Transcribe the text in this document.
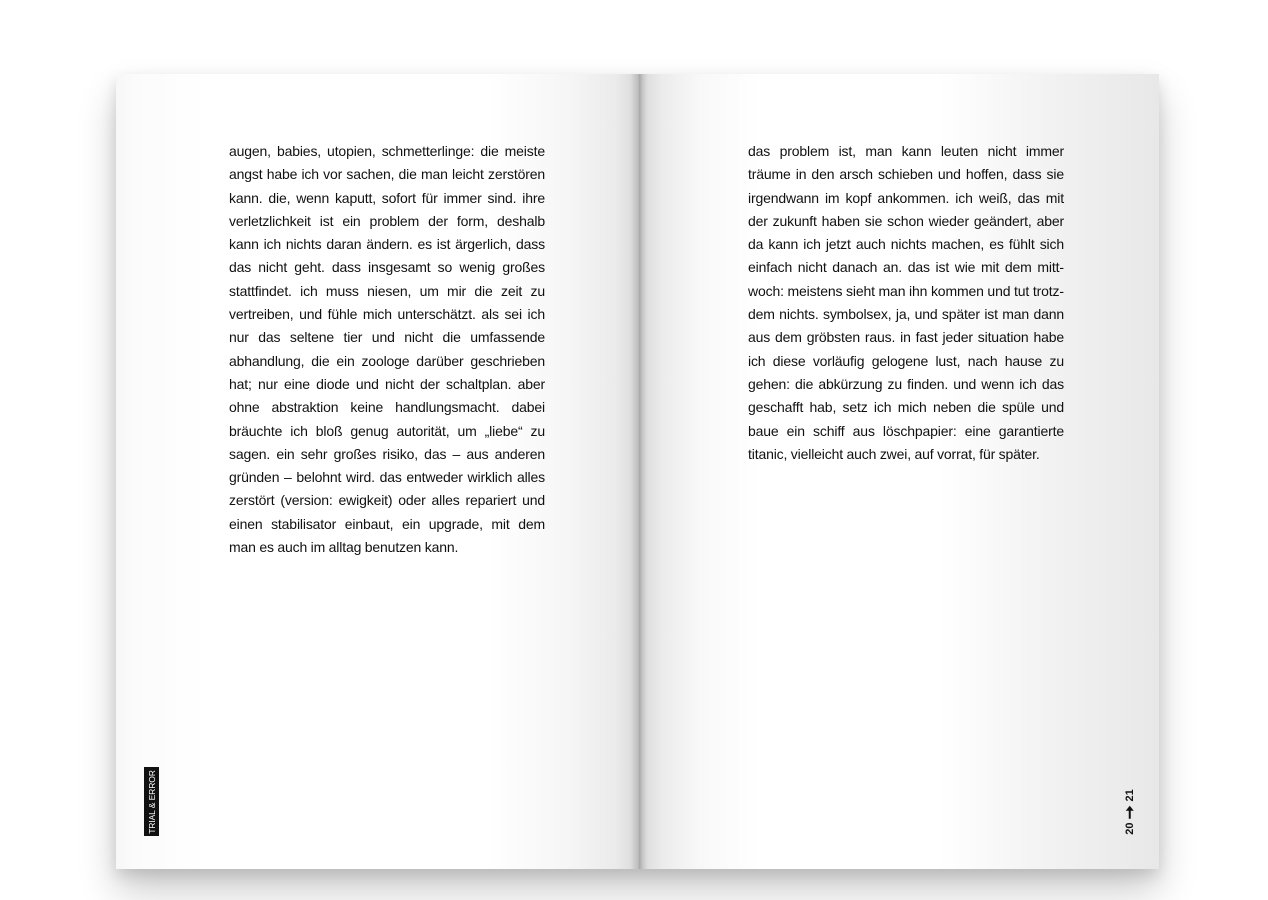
augen, babies, utopien, schmetterlinge: die meiste angst habe ich vor sachen, die man leicht zerstören kann. die, wenn kaputt, sofort für immer sind. ihre verletzlichkeit ist ein problem der form, deshalb kann ich nichts daran ändern. es ist ärgerlich, dass das nicht geht. dass insgesamt so wenig großes stattfindet. ich muss niesen, um mir die zeit zu vertreiben, und fühle mich unterschätzt. als sei ich nur das seltene tier und nicht die umfassende abhandlung, die ein zoologe darüber geschrieben hat; nur eine diode und nicht der schaltplan. aber ohne abstraktion keine handlungsmacht. dabei bräuchte ich bloß genug autorität, um „liebe“ zu sagen. ein sehr großes risiko, das – aus anderen gründen – belohnt wird. das entweder wirklich alles zerstört (version: ewigkeit) oder alles repariert und einen stabilisator einbaut, ein upgrade, mit dem man es auch im alltag benutzen kann.
TRIAL & ERROR
das problem ist, man kann leuten nicht immer träume in den arsch schieben und hoffen, dass sie irgendwann im kopf ankommen. ich weiß, das mit der zukunft haben sie schon wieder geändert, aber da kann ich jetzt auch nichts machen, es fühlt sich einfach nicht danach an. das ist wie mit dem mittwoch: meistens sieht man ihn kommen und tut trotzdem nichts. symbolsex, ja, und später ist man dann aus dem gröbsten raus. in fast jeder situation habe ich diese vorläufig gelogene lust, nach hause zu gehen: die abkürzung zu finden. und wenn ich das geschafft hab, setz ich mich neben die spüle und baue ein schiff aus löschpapier: eine garantierte titanic, vielleicht auch zwei, auf vorrat, für später.
20
21
